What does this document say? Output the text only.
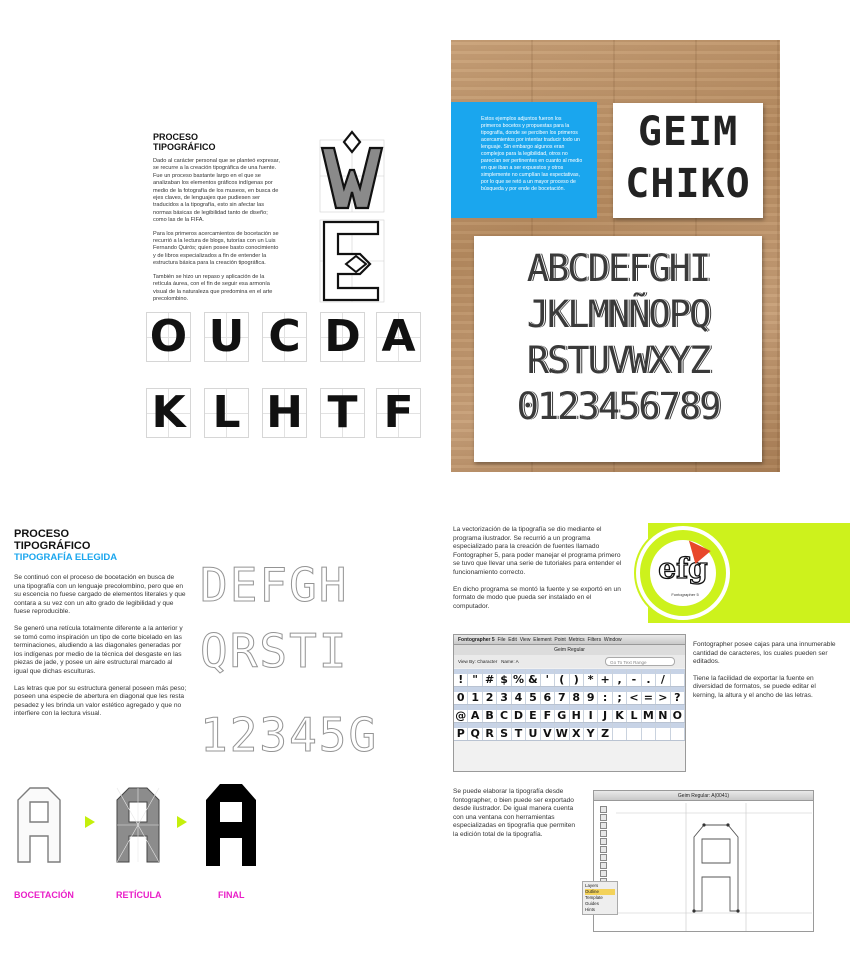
PROCESO
TIPOGRÁFICO

Dado al carácter personal que se planteó expresar, se recurre a la creación tipográfica de una fuente. Fue un proceso bastante largo en el que se analizaban los elementos gráficos indígenas por medio de la fotografía de los museos, en busca de ejes claves, de lenguajes que pudiesen ser traducidos a la tipografía, esto sin afectar las normas básicas de legibilidad tanto de diseño; como las de la FIFA.

Para los primeros acercamientos de bocetación se recurrió a la lectura de blogs, tutorías con un Luis Fernando Quirós; quien posee basto conocimiento y de libros especializados a fin de entender la estructura básica para la creación tipográfica.

También se hizo un repaso y aplicación de la retícula áurea, con el fin de seguir esa armonía visual de la naturaleza que predomina en el arte precolombino.

O U C D A
K L H T F
Estos ejemplos adjuntos fueron los primeros bocetos y propuestas para la tipografía, donde se perciben los primeros acercamientos por intentar traducir todo un lenguaje. Sin embargo algunos eran complejos para la legibilidad, otros no parecían ser pertinentes en cuanto al medio en que iban a ser expuestos y otros simplemente no cumplían las espectativas, por lo que se retó a un mayor proceso de búsqueda y por ende de bocetación.
GEIM
CHIKO
ABCDEFGHI
JKLMNÑOPQ
RSTUVWXYZ
0123456789
PROCESO
TIPOGRÁFICO
TIPOGRAFÍA ELEGIDA

Se continuó con el proceso de bocetación en busca de una tipografía con un lenguaje precolombino, pero que en su escencia no fuese cargado de elementos literales y que contara a su vez con un alto grado de legibilidad y que fuese reproducible.

Se generó una retícula totalmente diferente a la anterior y se tomó como inspiración un tipo de corte bicelado en las terminaciones, aludiendo a las diagonales generadas por los indígenas por medio de la técnica del desgaste en las piezas de jade, y posee un aire estructural marcado al igual que dichas esculturas.

Las letras que por su estructura general poseen más peso; poseen una especie de abertura en diagonal que les resta pesadez y les brinda un valor estético agregado y que no interfiere con la lectura visual.

DEFGH
QRSTI
12345G
BOCETACIÓN	RETÍCULA	FINAL
efg
Fontographer 5

La vectorización de la tipografía se dio mediante el programa ilustrador. Se recurrió a un programa especializado para la creación de fuentes llamado Fontographer 5, para poder manejar el programa primero se tuvo que llevar una serie de tutoriales para entender el funcionamiento correcto.

En dicho programa se montó la fuente y se exportó en un formato de modo que pueda ser instalado en el computador.

Fontographer 5 File Edit View Element Point Metrics Filters Window
Geim Regular
View By: Character Name: A	Go To Text Range
! " # $ % & ' ( ) * + , - . /
0 1 2 3 4 5 6 7 8 9 : ; < = > ?
@ A B C D E F G H I J K L M N O
P Q R S T U V W X Y Z

Fontographer posee cajas para una innumerable cantidad de caracteres, los cuales pueden ser editados.

Tiene la facilidad de exportar la fuente en diversidad de formatos, se puede editar el kerning, la altura y el ancho de las letras.

Se puede elaborar la tipografía desde fontographer, o bien puede ser exportado desde ilustrador. De igual manera cuenta con una ventana con herramientas especializadas en tipografía que permiten la edición total de la tipografía.

Geim Regular: A(0041)
Layers
Outline
Template
Guides
Hints
